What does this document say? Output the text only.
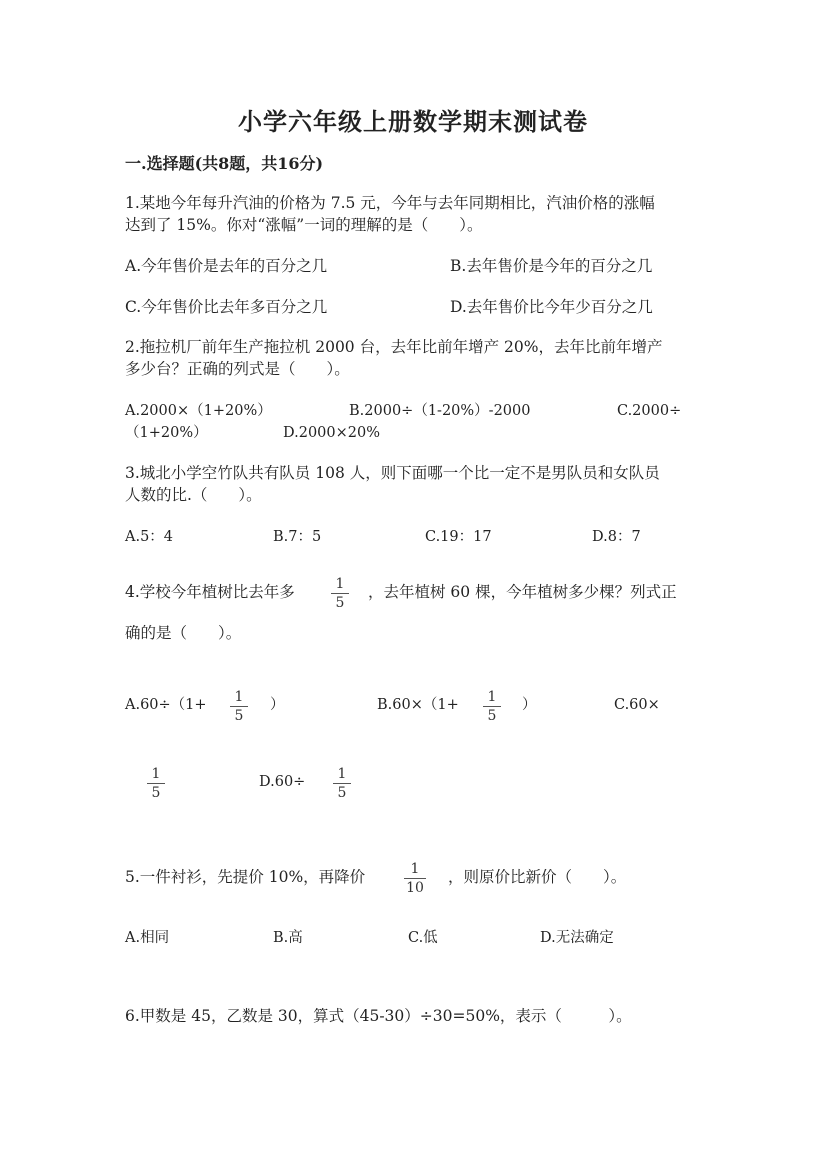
小学六年级上册数学期末测试卷
一.选择题(共8题，共16分)
1.某地今年每升汽油的价格为 7.5 元，今年与去年同期相比，汽油价格的涨幅
达到了 15%。你对“涨幅”一词的理解的是（　　）。
A.今年售价是去年的百分之几	B.去年售价是今年的百分之几
C.今年售价比去年多百分之几	D.去年售价比今年少百分之几
2.拖拉机厂前年生产拖拉机 2000 台，去年比前年增产 20%，去年比前年增产
多少台？正确的列式是（　　）。
A.2000×（1+20%）	B.2000÷（1-20%）-2000	C.2000÷
（1+20%）	D.2000×20%
3.城北小学空竹队共有队员 108 人，则下面哪一个比一定不是男队员和女队员
人数的比.（　　）。
A.5：4	B.7：5	C.19：17	D.8：7
4.学校今年植树比去年多	1
5
，去年植树 60 棵，今年植树多少棵？列式正
确的是（　　）。
A.60÷（1+	1
5
）	B.60×（1+	1
5
）	C.60×
1
5
D.60÷	1
5
5.一件衬衫，先提价 10%，再降价	1
10
，则原价比新价（　　）。
A.相同	B.高	C.低	D.无法确定
6.甲数是 45，乙数是 30，算式（45-30）÷30=50%，表示（　　　）。
